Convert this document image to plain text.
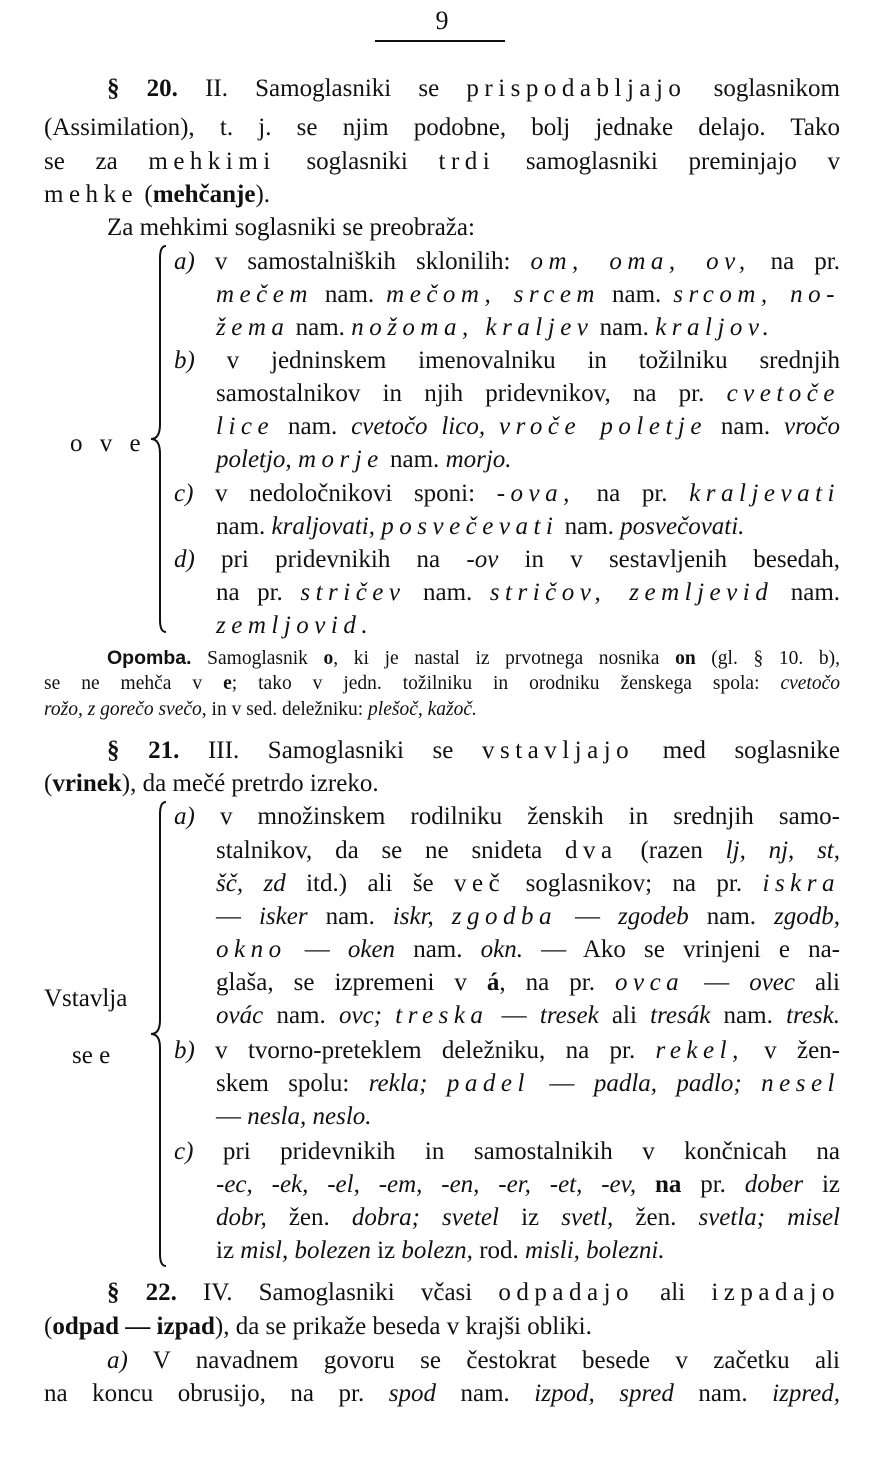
9
§ 20. II. Samoglasniki se prispodabljajo soglasnikom
(Assimilation), t. j. se njim podobne, bolj jednake delajo. Tako
se za mehkimi soglasniki trdi samoglasniki preminjajo v
mehke (mehčanje).
Za mehkimi soglasniki se preobraža:
o v e
a) v samostalniških sklonilih: om, oma, ov, na pr.
mečem nam. mečom, srcem nam. srcom, no-
žema nam. nožoma, kraljev nam. kraljov.
b) v jedninskem imenovalniku in tožilniku srednjih
samostalnikov in njih pridevnikov, na pr. cvetoče
lice nam. cvetočo lico, vroče poletje nam. vročo
poletjo, morje nam. morjo.
c) v nedoločnikovi sponi: -ova, na pr. kraljevati
nam. kraljovati, posvečevati nam. posvečovati.
d) pri pridevnikih na -ov in v sestavljenih besedah,
na pr. stričev nam. stričov, zemljevid nam.
zemljovid.
Opomba. Samoglasnik o, ki je nastal iz prvotnega nosnika on (gl. § 10. b),
se ne mehča v e; tako v jedn. tožilniku in orodniku ženskega spola: cvetočo
rožo, z gorečo svečo, in v sed. deležniku: plešoč, kažoč.
§ 21. III. Samoglasniki se vstavljajo med soglasnike
(vrinek), da mečé pretrdo izreko.
Vstavlja
se e
a) v množinskem rodilniku ženskih in srednjih samo-
stalnikov, da se ne snideta dva (razen lj, nj, st,
šč, zd itd.) ali še več soglasnikov; na pr. iskra
— isker nam. iskr, zgodba — zgodeb nam. zgodb,
okno — oken nam. okn. — Ako se vrinjeni e na-
glaša, se izpremeni v á, na pr. ovca — ovec ali
ovác nam. ovc; treska — tresek ali tresák nam. tresk.
b) v tvorno-preteklem deležniku, na pr. rekel, v žen-
skem spolu: rekla; padel — padla, padlo; nesel
— nesla, neslo.
c) pri pridevnikih in samostalnikih v končnicah na
-ec, -ek, -el, -em, -en, -er, -et, -ev, na pr. dober iz
dobr, žen. dobra; svetel iz svetl, žen. svetla; misel
iz misl, bolezen iz bolezn, rod. misli, bolezni.
§ 22. IV. Samoglasniki včasi odpadajo ali izpadajo
(odpad — izpad), da se prikaže beseda v krajši obliki.
a) V navadnem govoru se čestokrat besede v začetku ali
na koncu obrusijo, na pr. spod nam. izpod, spred nam. izpred,
